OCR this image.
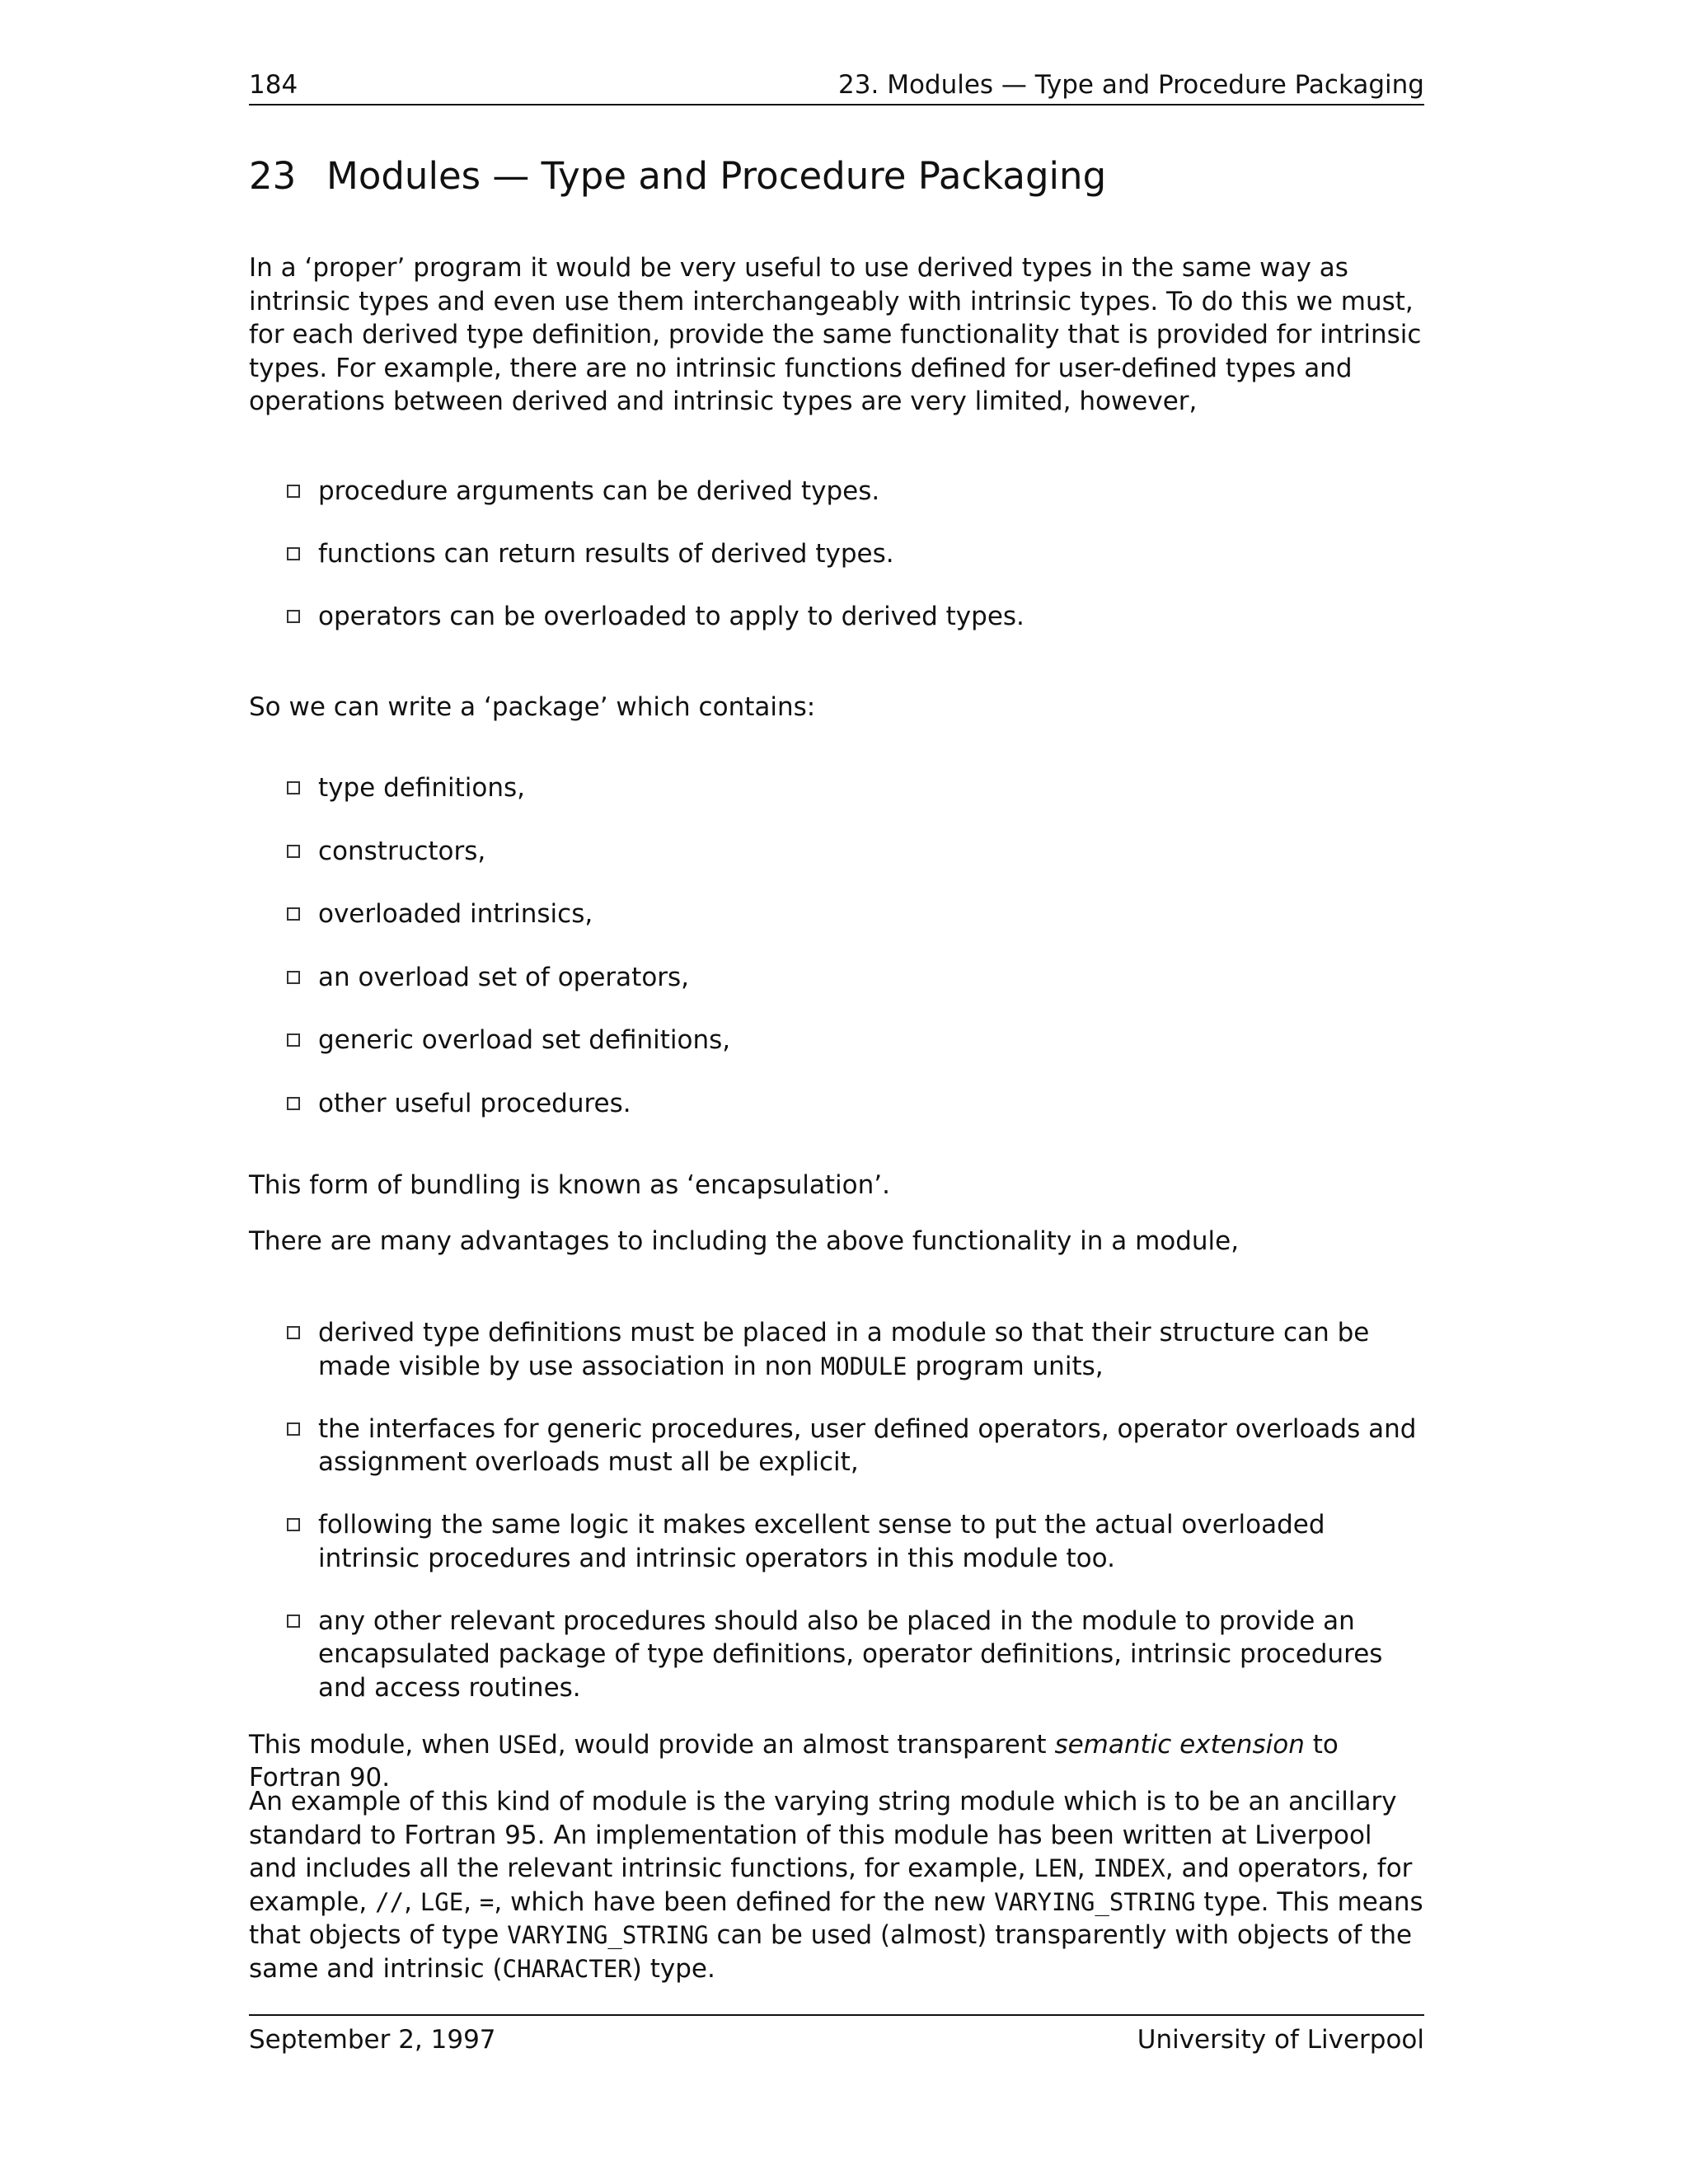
184	23. Modules — Type and Procedure Packaging
23 Modules — Type and Procedure Packaging

In a ‘proper’ program it would be very useful to use derived types in the same way as intrinsic types and even use them interchangeably with intrinsic types. To do this we must, for each derived type definition, provide the same functionality that is provided for intrinsic types. For example, there are no intrinsic functions defined for user-defined types and operations between derived and intrinsic types are very limited, however,

procedure arguments can be derived types.
functions can return results of derived types.
operators can be overloaded to apply to derived types.

So we can write a ‘package’ which contains:

type definitions,
constructors,
overloaded intrinsics,
an overload set of operators,
generic overload set definitions,
other useful procedures.

This form of bundling is known as ‘encapsulation’.

There are many advantages to including the above functionality in a module,

derived type definitions must be placed in a module so that their structure can be made visible by use association in non MODULE program units,
the interfaces for generic procedures, user defined operators, operator overloads and assignment overloads must all be explicit,
following the same logic it makes excellent sense to put the actual overloaded intrinsic procedures and intrinsic operators in this module too.
any other relevant procedures should also be placed in the module to provide an encapsulated package of type definitions, operator definitions, intrinsic procedures and access routines.

This module, when USEd, would provide an almost transparent semantic extension to Fortran 90.

An example of this kind of module is the varying string module which is to be an ancillary standard to Fortran 95. An implementation of this module has been written at Liverpool and includes all the relevant intrinsic functions, for example, LEN, INDEX, and operators, for example, //, LGE, =, which have been defined for the new VARYING_STRING type. This means that objects of type VARYING_STRING can be used (almost) transparently with objects of the same and intrinsic (CHARACTER) type.

September 2, 1997	University of Liverpool
